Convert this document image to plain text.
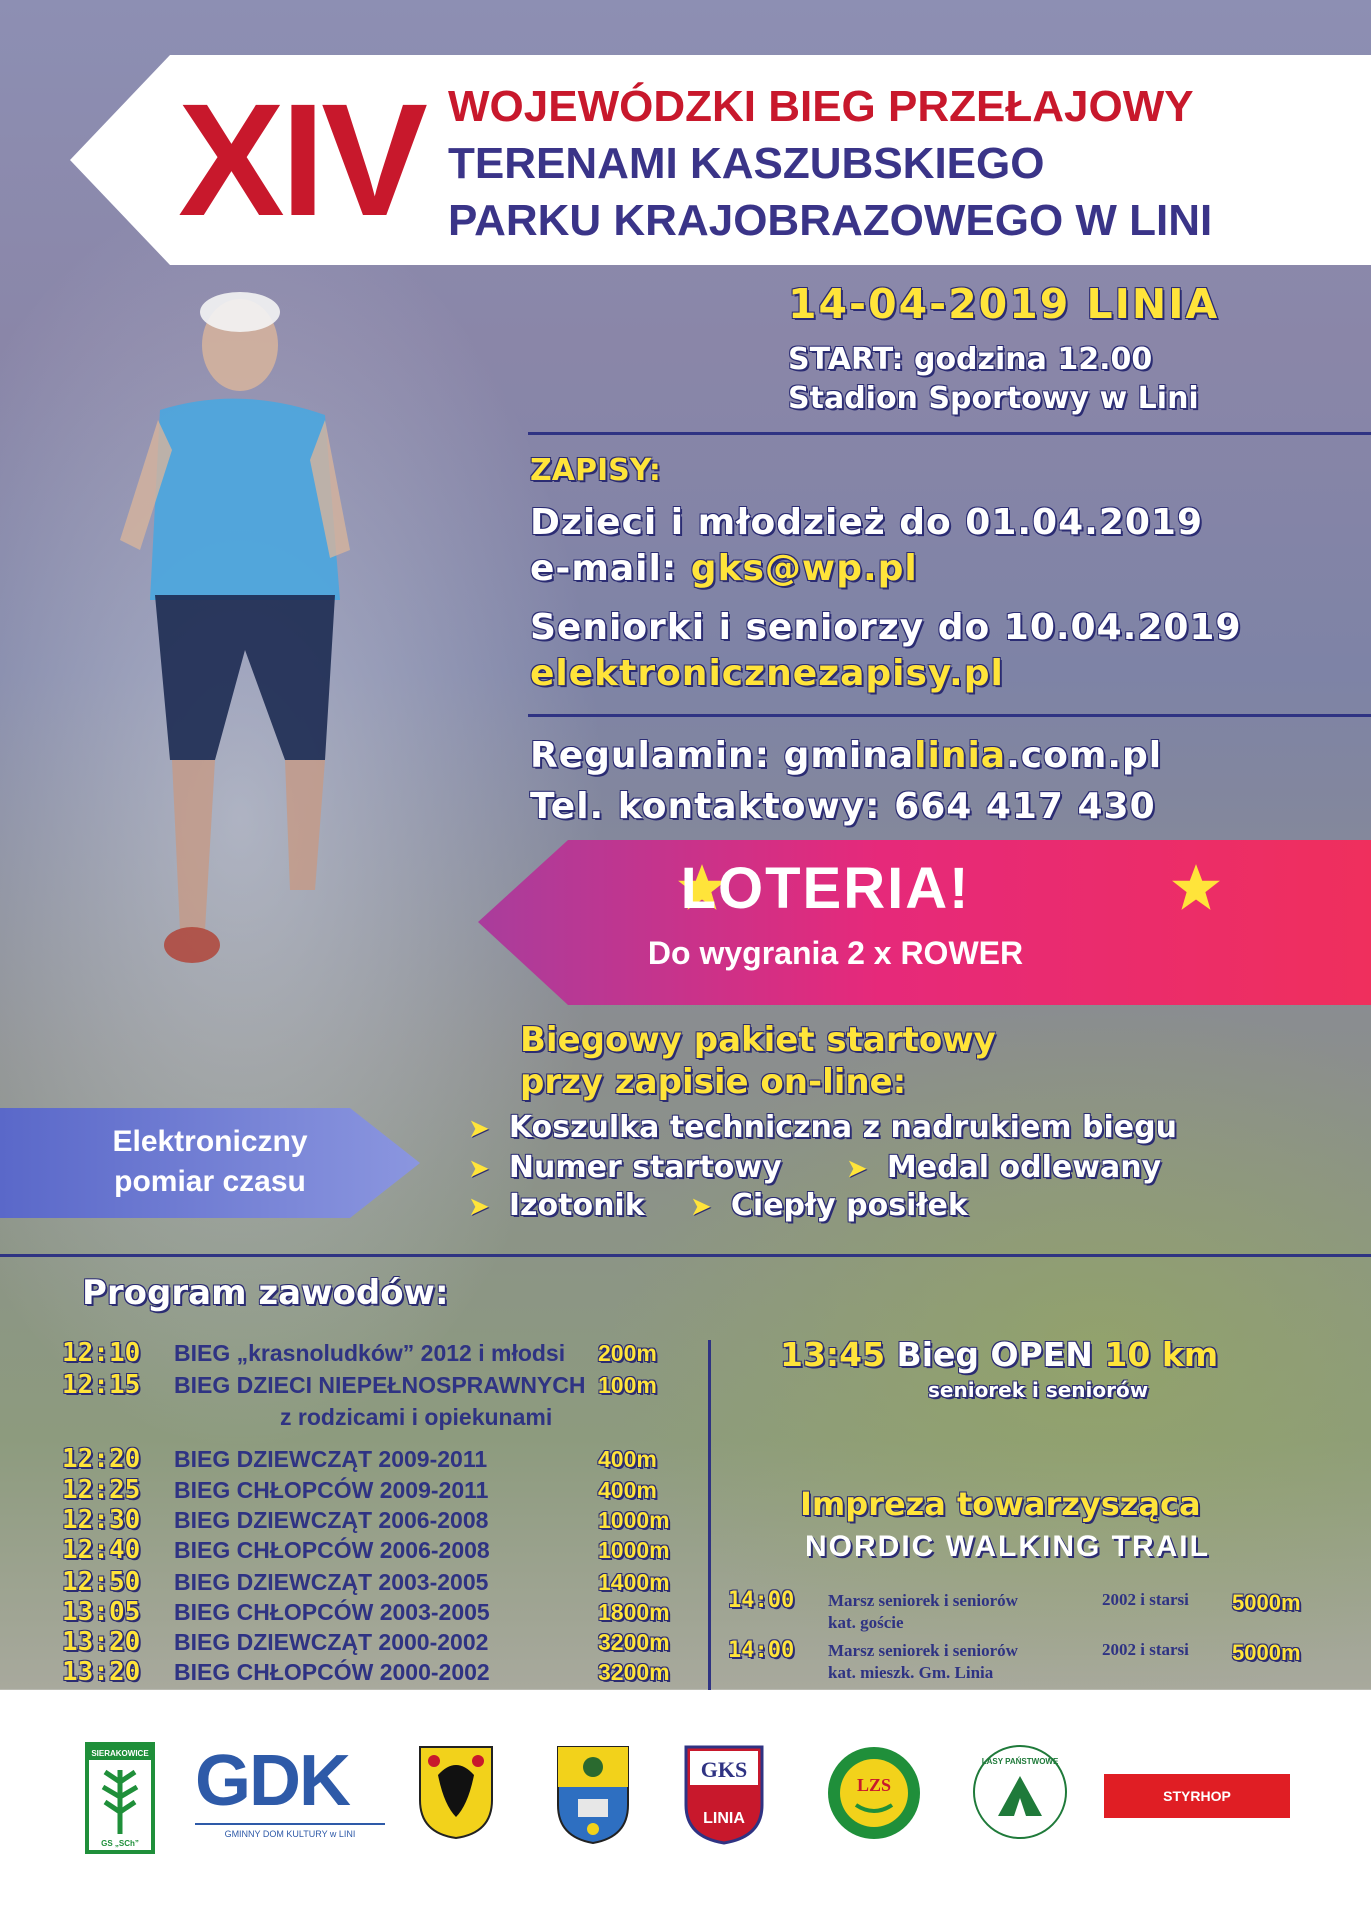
XIV WOJEWÓDZKI BIEG PRZEŁAJOWY
TERENAMI KASZUBSKIEGO
PARKU KRAJOBRAZOWEGO W LINI
14-04-2019 LINIA
START: godzina 12.00
Stadion Sportowy w Lini
ZAPISY:
Dzieci i młodzież do 01.04.2019
e-mail: gks@wp.pl
Seniorki i seniorzy do 10.04.2019
elektronicznezapisy.pl
Regulamin: gminalinia.com.pl
Tel. kontaktowy: 664 417 430
LOTERIA!
Do wygrania 2 x ROWER
Biegowy pakiet startowy
przy zapisie on-line:
➤ Koszulka techniczna z nadrukiem biegu
➤ Numer startowy ➤ Medal odlewany
➤ Izotonik ➤ Ciepły posiłek
Elektroniczny
pomiar czasu
Program zawodów:
12:10 BIEG „krasnoludków” 2012 i młodsi 200m
12:15 BIEG DZIECI NIEPEŁNOSPRAWNYCH 100m
z rodzicami i opiekunami
12:20 BIEG DZIEWCZĄT 2009-2011	400m
12:25 BIEG CHŁOPCÓW 2009-2011	400m
12:30 BIEG DZIEWCZĄT 2006-2008	1000m
12:40 BIEG CHŁOPCÓW 2006-2008	1000m
12:50 BIEG DZIEWCZĄT 2003-2005	1400m
13:05 BIEG CHŁOPCÓW 2003-2005	1800m
13:20 BIEG DZIEWCZĄT 2000-2002	3200m
13:20 BIEG CHŁOPCÓW 2000-2002	3200m
13:45 Bieg OPEN 10 km
seniorek i seniorów
Impreza towarzysząca
NORDIC WALKING TRAIL
14:00 Marsz seniorek i seniorów
kat. goście
2002 i starsi 5000m
14:00 Marsz seniorek i seniorów
kat. mieszk. Gm. Linia
2002 i starsi 5000m
SIERAKOWICE
GS „SCh”
GDK
GMINNY DOM KULTURY w LINI
GKS
LINIA
LZS
LASY PAŃSTWOWE
STYRHOP
